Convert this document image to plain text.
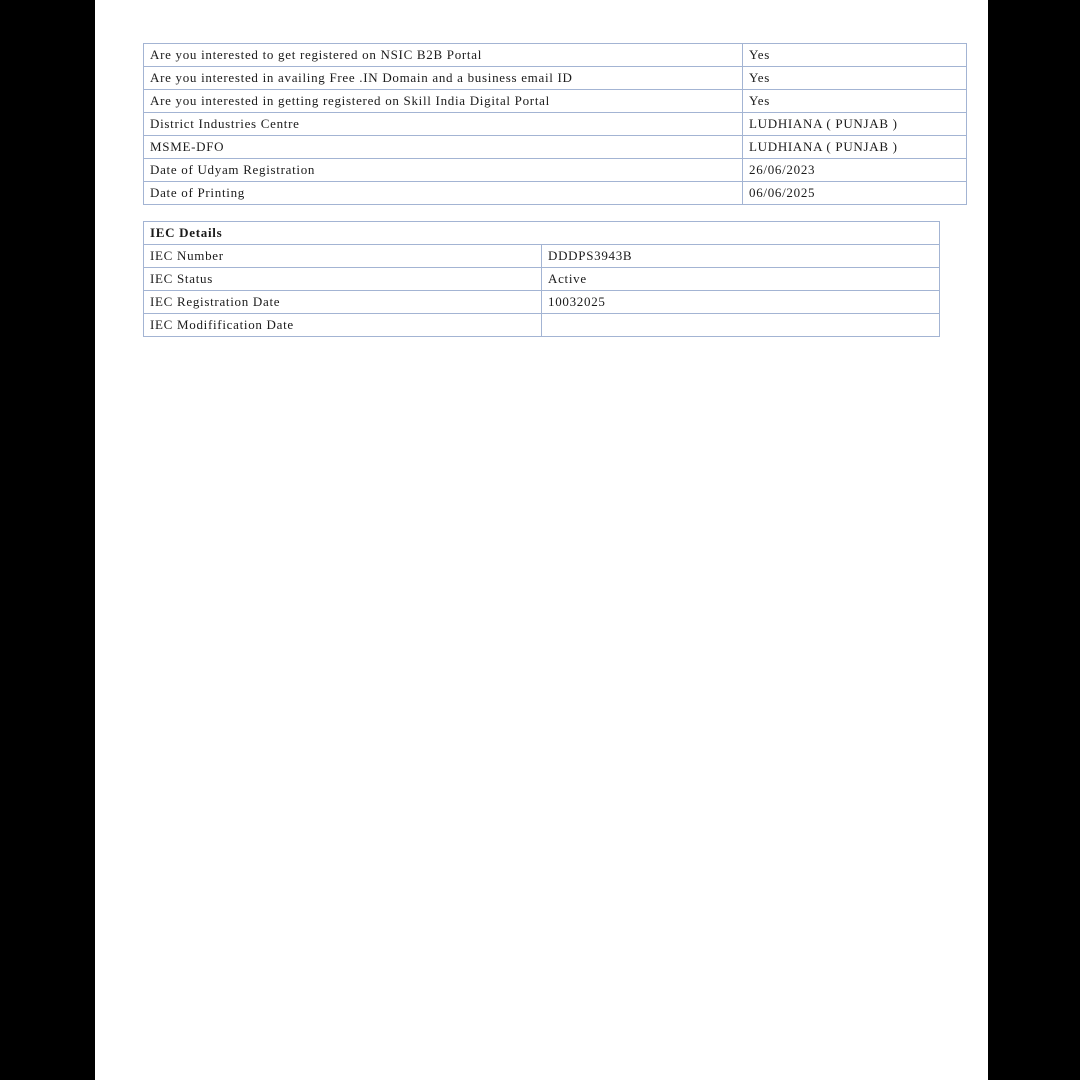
Are you interested to get registered on NSIC B2B Portal	Yes
Are you interested in availing Free .IN Domain and a business email ID	Yes
Are you interested in getting registered on Skill India Digital Portal	Yes
District Industries Centre	LUDHIANA ( PUNJAB )
MSME-DFO	LUDHIANA ( PUNJAB )
Date of Udyam Registration	26/06/2023
Date of Printing	06/06/2025
IEC Details	
IEC Number	DDDPS3943B
IEC Status	Active
IEC Registration Date	10032025
IEC Modifification Date	
